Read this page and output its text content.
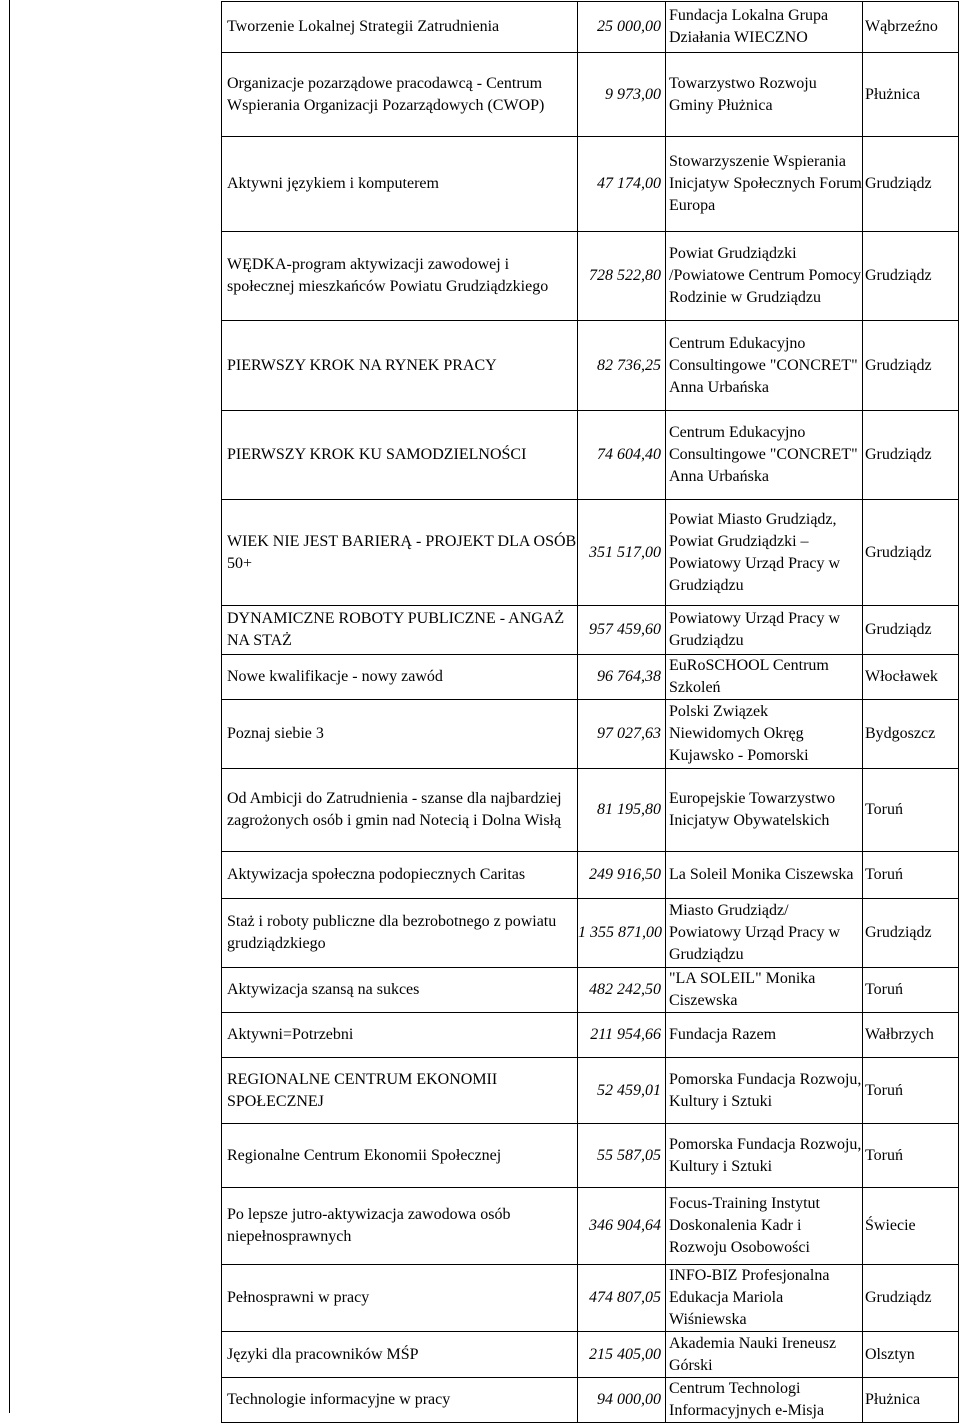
Tworzenie Lokalnej Strategii Zatrudnienia	25 000,00	Fundacja Lokalna Grupa Działania WIECZNO	Wąbrzeźno

Organizacje pozarządowe pracodawcą - Centrum Wspierania Organizacji Pozarządowych (CWOP)	9 973,00	Towarzystwo Rozwoju Gminy Płużnica	Płużnica

Aktywni językiem i komputerem	47 174,00	Stowarzyszenie Wspierania Inicjatyw Społecznych Forum Europa	Grudziądz

WĘDKA-program aktywizacji zawodowej i społecznej mieszkańców Powiatu Grudziądzkiego	728 522,80	Powiat Grudziądzki /Powiatowe Centrum Pomocy Rodzinie w Grudziądzu	Grudziądz

PIERWSZY KROK NA RYNEK PRACY	82 736,25	Centrum Edukacyjno Consultingowe "CONCRET" Anna Urbańska	Grudziądz

PIERWSZY KROK KU SAMODZIELNOŚCI	74 604,40	Centrum Edukacyjno Consultingowe "CONCRET" Anna Urbańska	Grudziądz

WIEK NIE JEST BARIERĄ - PROJEKT DLA OSÓB 50+	351 517,00	Powiat Miasto Grudziądz, Powiat Grudziądzki – Powiatowy Urząd Pracy w Grudziądzu	Grudziądz

DYNAMICZNE ROBOTY PUBLICZNE - ANGAŻ NA STAŻ	957 459,60	Powiatowy Urząd Pracy w Grudziądzu	Grudziądz

Nowe kwalifikacje - nowy zawód	96 764,38	EuRoSCHOOL Centrum Szkoleń	Włocławek

Poznaj siebie 3	97 027,63	Polski Związek Niewidomych Okręg Kujawsko - Pomorski	Bydgoszcz

Od Ambicji do Zatrudnienia - szanse dla najbardziej zagrożonych osób i gmin nad Notecią i Dolna Wisłą	81 195,80	Europejskie Towarzystwo Inicjatyw Obywatelskich	Toruń

Aktywizacja społeczna podopiecznych Caritas	249 916,50	La Soleil Monika Ciszewska	Toruń

Staż i roboty publiczne dla bezrobotnego z powiatu grudziądzkiego	1 355 871,00	Miasto Grudziądz/ Powiatowy Urząd Pracy w Grudziądzu	Grudziądz

Aktywizacja szansą na sukces	482 242,50	"LA SOLEIL" Monika Ciszewska	Toruń

Aktywni=Potrzebni	211 954,66	Fundacja Razem	Wałbrzych

REGIONALNE CENTRUM EKONOMII SPOŁECZNEJ	52 459,01	Pomorska Fundacja Rozwoju, Kultury i Sztuki	Toruń

Regionalne Centrum Ekonomii Społecznej	55 587,05	Pomorska Fundacja Rozwoju, Kultury i Sztuki	Toruń

Po lepsze jutro-aktywizacja zawodowa osób niepełnosprawnych	346 904,64	Focus-Training Instytut Doskonalenia Kadr i Rozwoju Osobowości	Świecie

Pełnosprawni w pracy	474 807,05	INFO-BIZ Profesjonalna Edukacja Mariola Wiśniewska	Grudziądz

Języki dla pracowników MŚP	215 405,00	Akademia Nauki Ireneusz Górski	Olsztyn

Technologie informacyjne w pracy	94 000,00	Centrum Technologi Informacyjnych e-Misja	Płużnica
